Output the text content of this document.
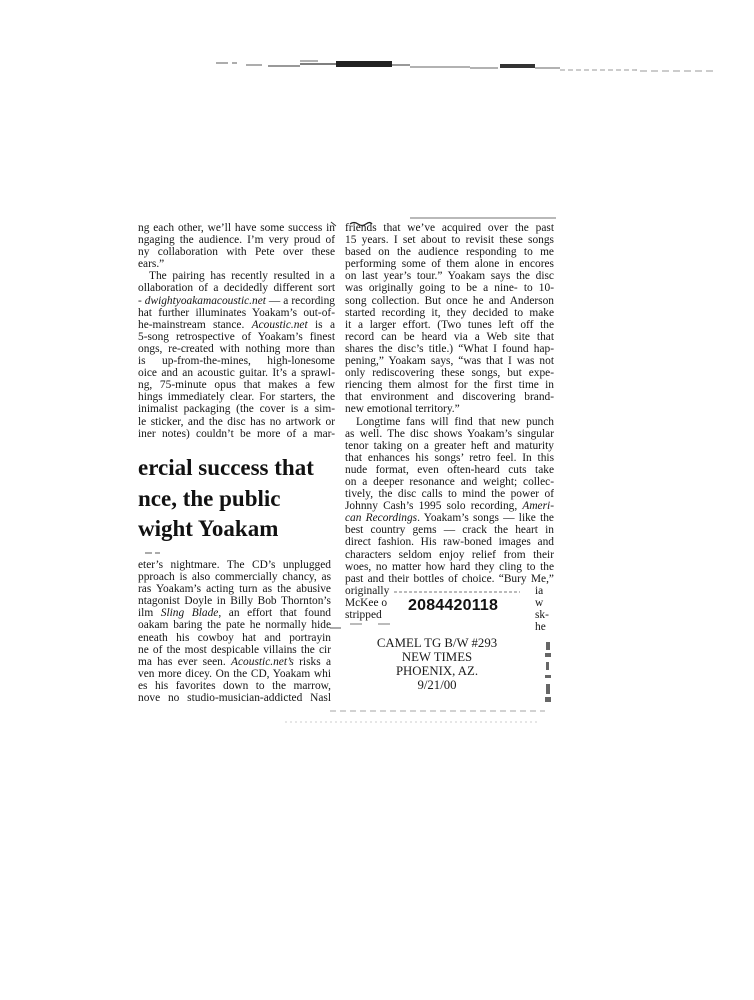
ng each other, we’ll have some success in
ngaging the audience. I’m very proud of
ny collaboration with Pete over these
ears.”
The pairing has recently resulted in a
ollaboration of a decidedly different sort
- dwightyoakamacoustic.net — a recording
hat further illuminates Yoakam’s out-of-
he-mainstream stance. Acoustic.net is a
5-song retrospective of Yoakam’s finest
ongs, re-created with nothing more than
is up-from-the-mines, high-lonesome
oice and an acoustic guitar. It’s a sprawl-
ng, 75-minute opus that makes a few
hings immediately clear. For starters, the
inimalist packaging (the cover is a sim-
le sticker, and the disc has no artwork or
iner notes) couldn’t be more of a mar-
ercial success that
nce, the public
wight Yoakam
eter’s nightmare. The CD’s unplugged
pproach is also commercially chancy, as
ras Yoakam’s acting turn as the abusive
ntagonist Doyle in Billy Bob Thornton’s
ilm Sling Blade, an effort that found
oakam baring the pate he normally hide
eneath his cowboy hat and portrayin
ne of the most despicable villains the cir
ma has ever seen. Acoustic.net’s risks a
ven more dicey. On the CD, Yoakam whi
es his favorites down to the marrow,
nove no studio-musician-addicted Nasl
friends that we’ve acquired over the past
15 years. I set about to revisit these songs
based on the audience responding to me
performing some of them alone in encores
on last year’s tour.” Yoakam says the disc
was originally going to be a nine- to 10-
song collection. But once he and Anderson
started recording it, they decided to make
it a larger effort. (Two tunes left off the
record can be heard via a Web site that
shares the disc’s title.) “What I found hap-
pening,” Yoakam says, “was that I was not
only rediscovering these songs, but expe-
riencing them almost for the first time in
that environment and discovering brand-
new emotional territory.”
Longtime fans will find that new punch
as well. The disc shows Yoakam’s singular
tenor taking on a greater heft and maturity
that enhances his songs’ retro feel. In this
nude format, even often-heard cuts take
on a deeper resonance and weight; collec-
tively, the disc calls to mind the power of
Johnny Cash’s 1995 solo recording, Ameri-
can Recordings. Yoakam’s songs — like the
best country gems — crack the heart in
direct fashion. His raw-boned images and
characters seldom enjoy relief from their
woes, no matter how hard they cling to the
past and their bottles of choice. “Bury Me,”
originally
McKee o
stripped
ia
w
sk-
he
2084420118
CAMEL TG B/W #293
NEW TIMES
PHOENIX, AZ.
9/21/00
